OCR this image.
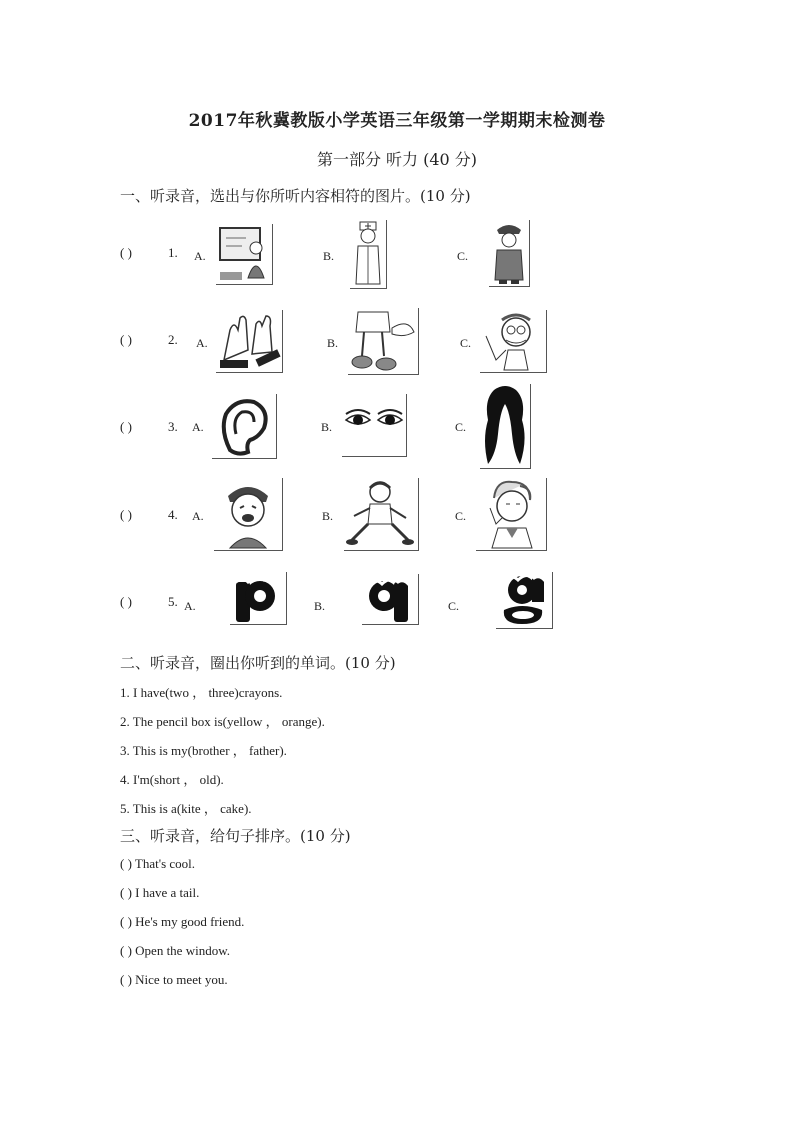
2017年秋冀教版小学英语三年级第一学期期末检测卷
第一部分 听力 (40 分)
一、听录音，选出与你所听内容相符的图片。(10 分)
( )	1. A.	B.	C.
( )	2. A.	B.	C.
( )	3. A.	B.	C.
( )	4. A.	B.	C.
( )	5. A.	B.	C.
二、听录音，圈出你听到的单词。(10 分)
1. I have(two ， three)crayons.
2. The pencil box is(yellow ， orange).
3. This is my(brother ， father).
4. I'm(short ， old).
5. This is a(kite ， cake).
三、听录音，给句子排序。(10 分)
( ) That's cool.
( ) I have a tail.
( ) He's my good friend.
( ) Open the window.
( ) Nice to meet you.
